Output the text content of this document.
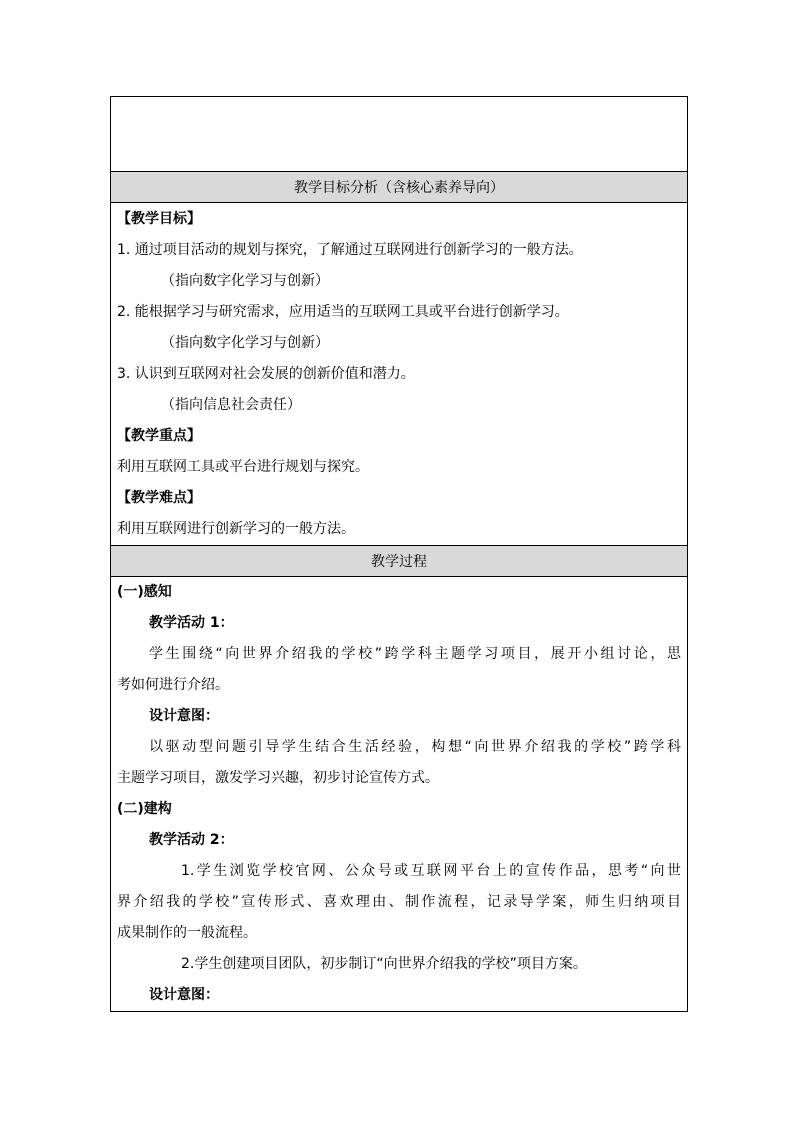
教学目标分析（含核心素养导向）
【教学目标】
1. 通过项目活动的规划与探究，了解通过互联网进行创新学习的一般方法。
（指向数字化学习与创新）
2. 能根据学习与研究需求，应用适当的互联网工具或平台进行创新学习。
（指向数字化学习与创新）
3. 认识到互联网对社会发展的创新价值和潜力。
（指向信息社会责任）
【教学重点】
利用互联网工具或平台进行规划与探究。
【教学难点】
利用互联网进行创新学习的一般方法。
教学过程
(一)感知
教学活动 1：
学生围绕“向世界介绍我的学校”跨学科主题学习项目，展开小组讨论，思
考如何进行介绍。
设计意图：
以驱动型问题引导学生结合生活经验，构想“向世界介绍我的学校”跨学科
主题学习项目，激发学习兴趣，初步讨论宣传方式。
(二)建构
教学活动 2：
1.学生浏览学校官网、公众号或互联网平台上的宣传作品，思考“向世
界介绍我的学校”宣传形式、喜欢理由、制作流程，记录导学案，师生归纳项目
成果制作的一般流程。
2.学生创建项目团队，初步制订“向世界介绍我的学校”项目方案。
设计意图：
